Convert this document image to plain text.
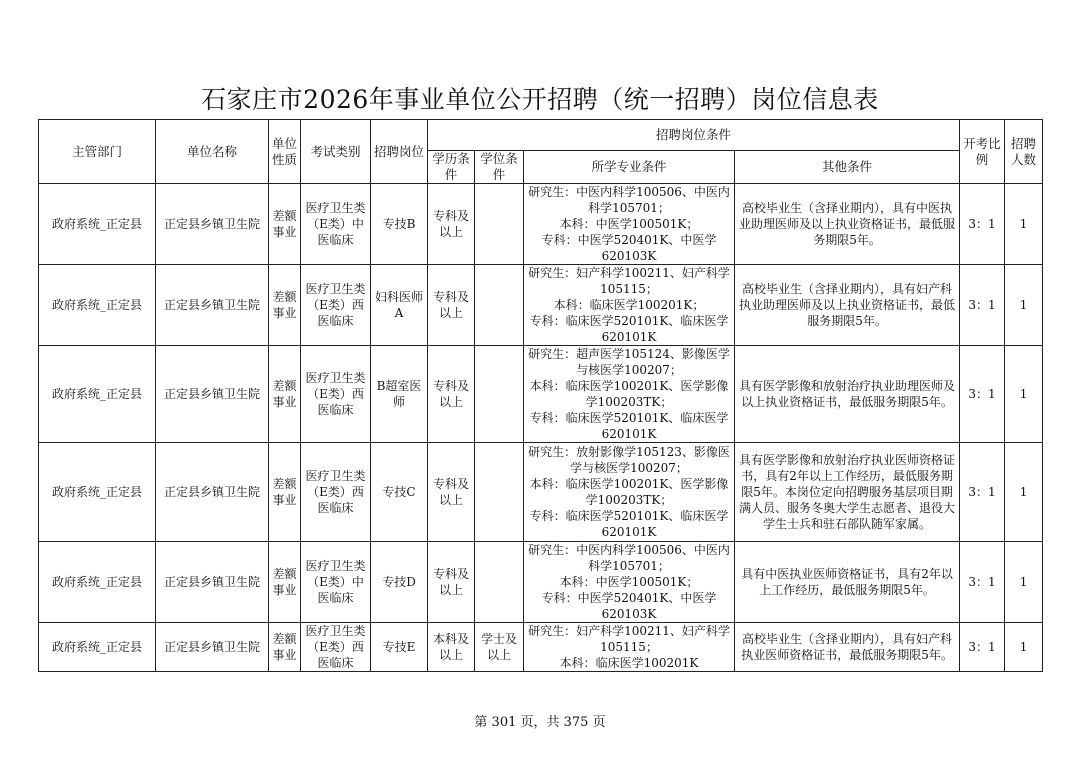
石家庄市2026年事业单位公开招聘（统一招聘）岗位信息表
主管部门	单位名称	单位性质	考试类别	招聘岗位	招聘岗位条件				开考比例	招聘人数
					学历条件	学位条件	所学专业条件	其他条件		
政府系统_正定县	正定县乡镇卫生院	差额事业	医疗卫生类（E类）中医临床	专技B	专科及以上		研究生：中医内科学100506、中医内科学105701；
本科：中医学100501K；
专科：中医学520401K、中医学620103K	高校毕业生（含择业期内），具有中医执业助理医师及以上执业资格证书，最低服务期限5年。	3：1	1
政府系统_正定县	正定县乡镇卫生院	差额事业	医疗卫生类（E类）西医临床	妇科医师A	专科及以上		研究生：妇产科学100211、妇产科学105115；
本科：临床医学100201K；
专科：临床医学520101K、临床医学620101K	高校毕业生（含择业期内），具有妇产科执业助理医师及以上执业资格证书，最低服务期限5年。	3：1	1
政府系统_正定县	正定县乡镇卫生院	差额事业	医疗卫生类（E类）西医临床	B超室医师	专科及以上		研究生：超声医学105124、影像医学与核医学100207；
本科：临床医学100201K、医学影像学100203TK；
专科：临床医学520101K、临床医学620101K	具有医学影像和放射治疗执业助理医师及以上执业资格证书，最低服务期限5年。	3：1	1
政府系统_正定县	正定县乡镇卫生院	差额事业	医疗卫生类（E类）西医临床	专技C	专科及以上		研究生：放射影像学105123、影像医学与核医学100207；
本科：临床医学100201K、医学影像学100203TK；
专科：临床医学520101K、临床医学620101K	具有医学影像和放射治疗执业医师资格证书，具有2年以上工作经历，最低服务期限5年。本岗位定向招聘服务基层项目期满人员、服务冬奥大学生志愿者、退役大学生士兵和驻石部队随军家属。	3：1	1
政府系统_正定县	正定县乡镇卫生院	差额事业	医疗卫生类（E类）中医临床	专技D	专科及以上		研究生：中医内科学100506、中医内科学105701；
本科：中医学100501K；
专科：中医学520401K、中医学620103K	具有中医执业医师资格证书，具有2年以上工作经历，最低服务期限5年。	3：1	1
政府系统_正定县	正定县乡镇卫生院	差额事业	医疗卫生类（E类）西医临床	专技E	本科及以上	学士及以上	研究生：妇产科学100211、妇产科学105115；
本科：临床医学100201K	高校毕业生（含择业期内），具有妇产科执业医师资格证书，最低服务期限5年。	3：1	1
第 301 页，共 375 页
